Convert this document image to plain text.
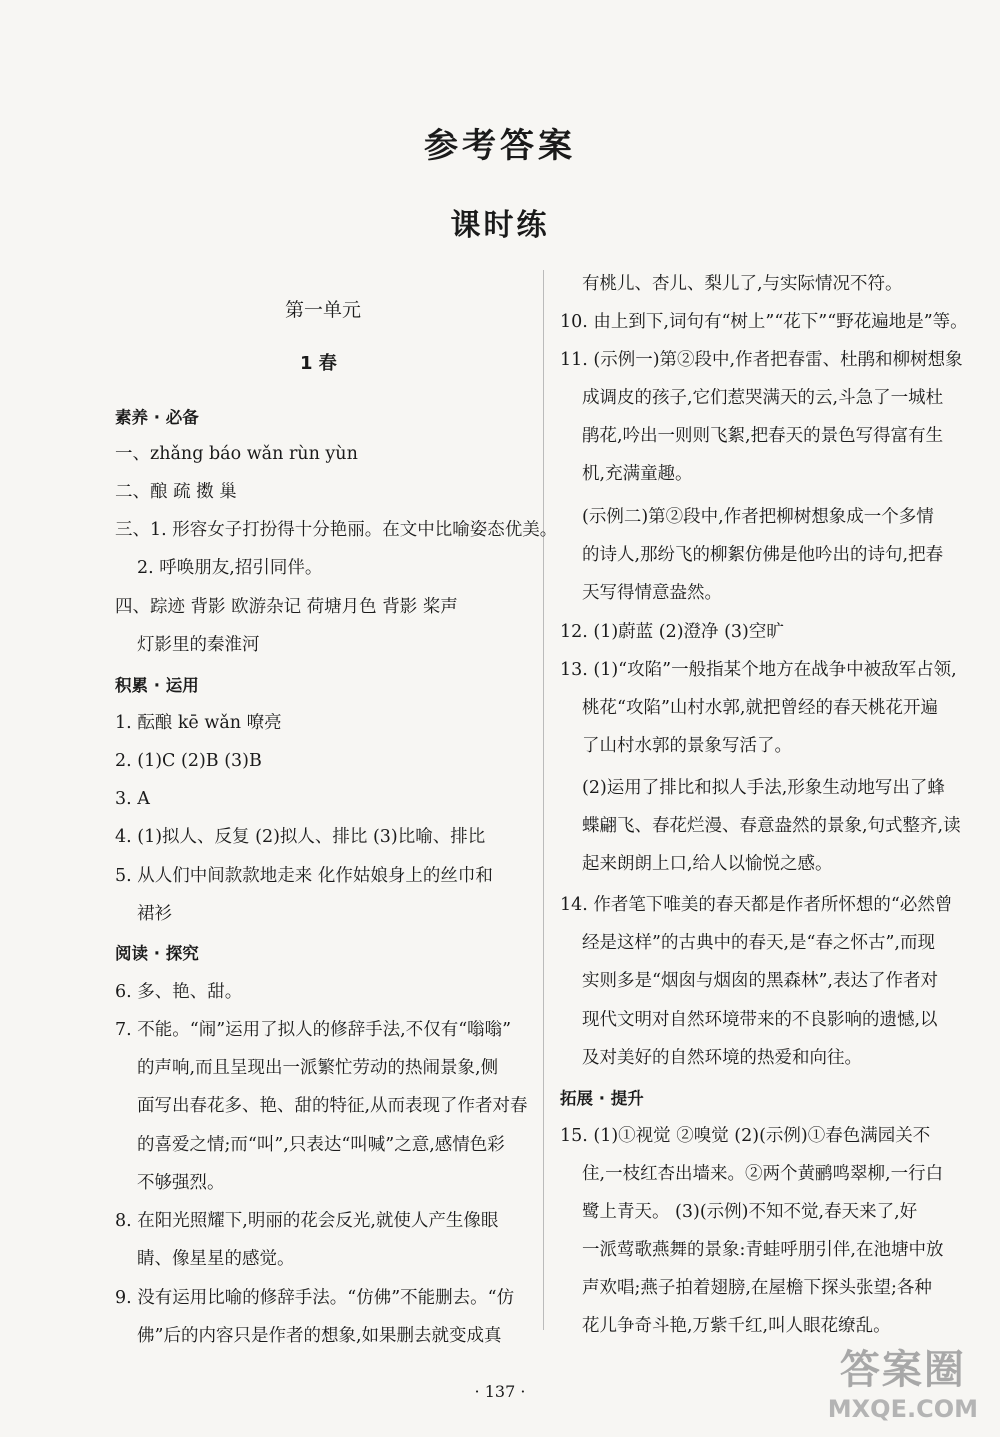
参考答案
课时练
第一单元
1 春
素养 · 必备
一、zhǎng báo wǎn rùn yùn
二、酿 疏 擞 巢
三、1. 形容女子打扮得十分艳丽。在文中比喻姿态优美。
2. 呼唤朋友,招引同伴。
四、踪迹 背影 欧游杂记 荷塘月色 背影 桨声
灯影里的秦淮河
积累 · 运用
1. 酝酿 kē wǎn 嘹亮
2. (1)C (2)B (3)B
3. A
4. (1)拟人、反复 (2)拟人、排比 (3)比喻、排比
5. 从人们中间款款地走来 化作姑娘身上的丝巾和
裙衫
阅读 · 探究
6. 多、艳、甜。
7. 不能。“闹”运用了拟人的修辞手法,不仅有“嗡嗡”
的声响,而且呈现出一派繁忙劳动的热闹景象,侧
面写出春花多、艳、甜的特征,从而表现了作者对春
的喜爱之情;而“叫”,只表达“叫喊”之意,感情色彩
不够强烈。
8. 在阳光照耀下,明丽的花会反光,就使人产生像眼
睛、像星星的感觉。
9. 没有运用比喻的修辞手法。“仿佛”不能删去。“仿
佛”后的内容只是作者的想象,如果删去就变成真
有桃儿、杏儿、梨儿了,与实际情况不符。
10. 由上到下,词句有“树上”“花下”“野花遍地是”等。
11. (示例一)第②段中,作者把春雷、杜鹃和柳树想象
成调皮的孩子,它们惹哭满天的云,斗急了一城杜
鹃花,吟出一则则飞絮,把春天的景色写得富有生
机,充满童趣。
(示例二)第②段中,作者把柳树想象成一个多情
的诗人,那纷飞的柳絮仿佛是他吟出的诗句,把春
天写得情意盎然。
12. (1)蔚蓝 (2)澄净 (3)空旷
13. (1)“攻陷”一般指某个地方在战争中被敌军占领,
桃花“攻陷”山村水郭,就把曾经的春天桃花开遍
了山村水郭的景象写活了。
(2)运用了排比和拟人手法,形象生动地写出了蜂
蝶翩飞、春花烂漫、春意盎然的景象,句式整齐,读
起来朗朗上口,给人以愉悦之感。
14. 作者笔下唯美的春天都是作者所怀想的“必然曾
经是这样”的古典中的春天,是“春之怀古”,而现
实则多是“烟囱与烟囱的黑森林”,表达了作者对
现代文明对自然环境带来的不良影响的遗憾,以
及对美好的自然环境的热爱和向往。
拓展 · 提升
15. (1)①视觉 ②嗅觉 (2)(示例)①春色满园关不
住,一枝红杏出墙来。②两个黄鹂鸣翠柳,一行白
鹭上青天。 (3)(示例)不知不觉,春天来了,好
一派莺歌燕舞的景象:青蛙呼朋引伴,在池塘中放
声欢唱;燕子拍着翅膀,在屋檐下探头张望;各种
花儿争奇斗艳,万紫千红,叫人眼花缭乱。
· 137 ·	答案圈
MXQE.COM
